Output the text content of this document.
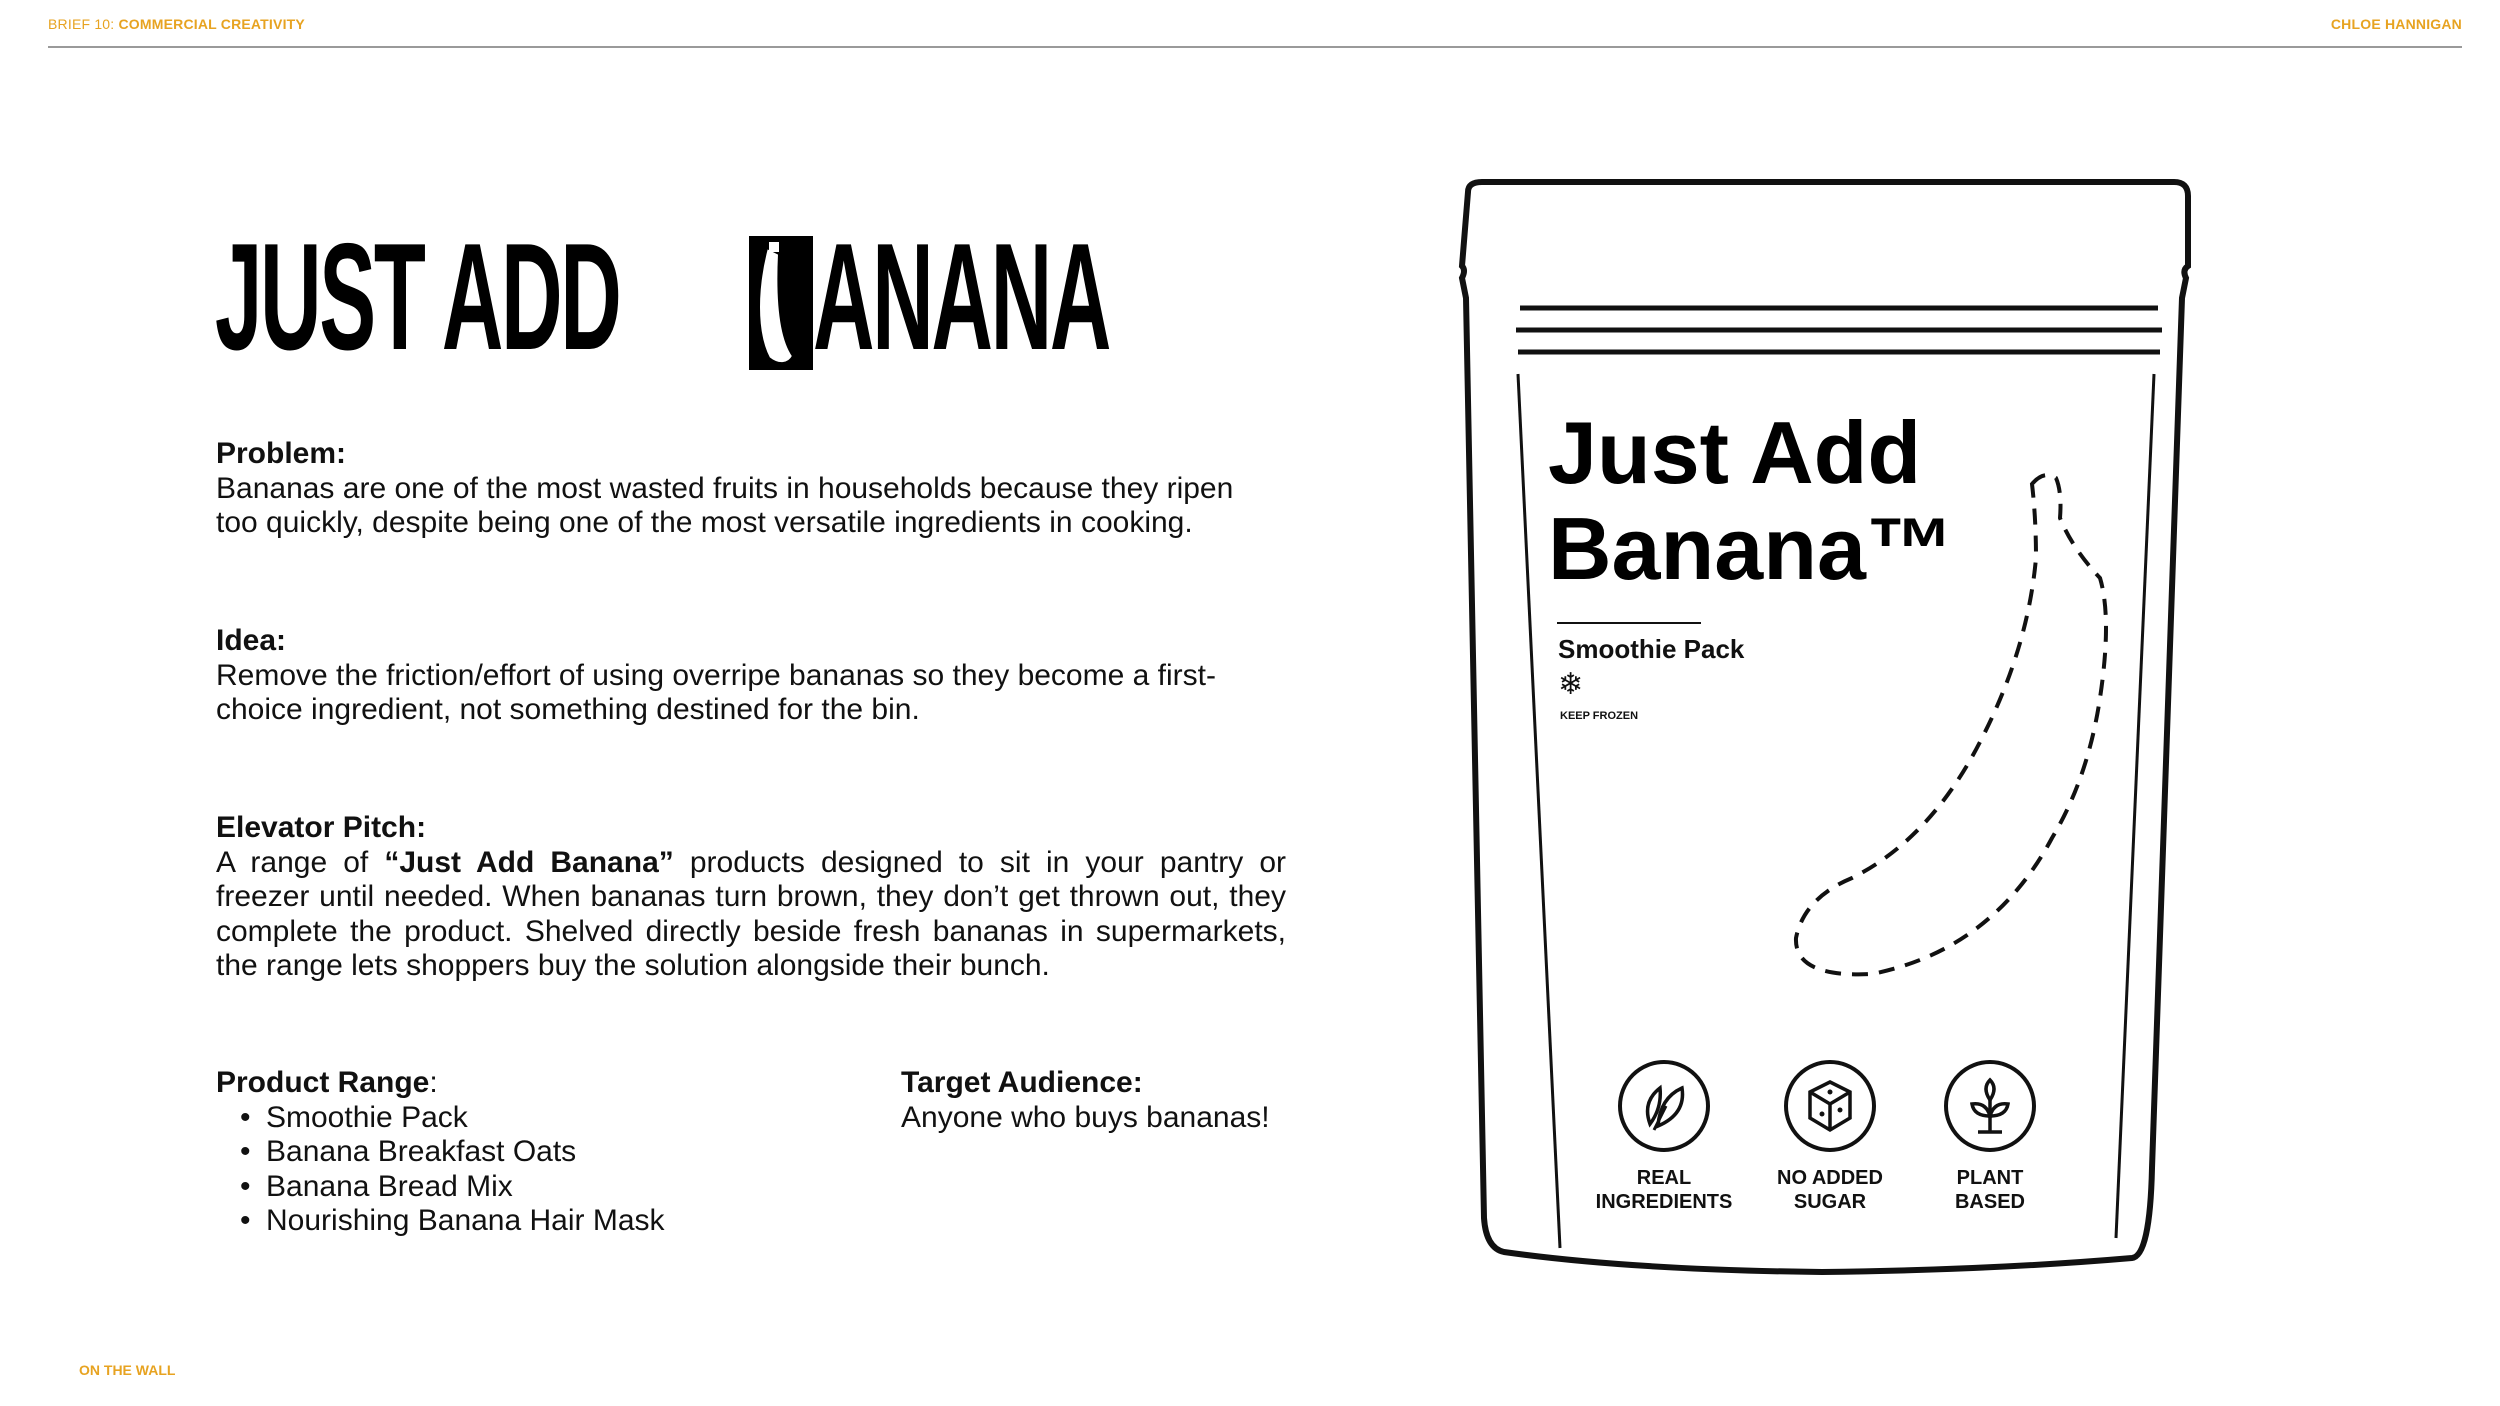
BRIEF 10: COMMERCIAL CREATIVITY	CHLOE HANNIGAN
JUST ADD ANANA
Problem:
Bananas are one of the most wasted fruits in households because they ripen too quickly, despite being one of the most versatile ingredients in cooking.
Idea:
Remove the friction/effort of using overripe bananas so they become a first-choice ingredient, not something destined for the bin.
Elevator Pitch:
A range of “Just Add Banana” products designed to sit in your pantry or freezer until needed. When bananas turn brown, they don’t get thrown out, they complete the product. Shelved directly beside fresh bananas in supermarkets, the range lets shoppers buy the solution alongside their bunch.
Product Range:
• Smoothie Pack
• Banana Breakfast Oats
• Banana Bread Mix
• Nourishing Banana Hair Mask
Target Audience:
Anyone who buys bananas!
Just Add
Banana™
Smoothie Pack
❄
KEEP FROZEN
REAL
INGREDIENTS
NO ADDED
SUGAR
PLANT
BASED
ON THE WALL
